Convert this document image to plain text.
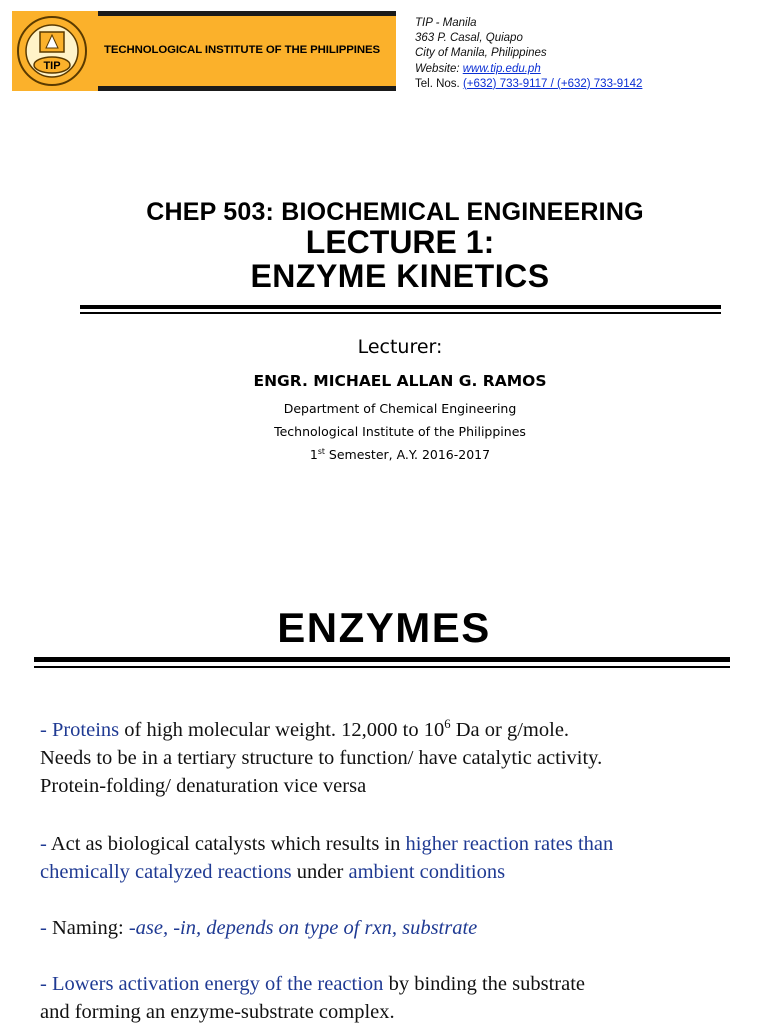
TIP
TECHNOLOGICAL INSTITUTE OF THE PHILIPPINES
TIP - Manila
363 P. Casal, Quiapo
City of Manila, Philippines
Website: www.tip.edu.ph
Tel. Nos. (+632) 733-9117 / (+632) 733-9142
CHEP 503: BIOCHEMICAL ENGINEERING
LECTURE 1:
ENZYME KINETICS
Lecturer:
ENGR. MICHAEL ALLAN G. RAMOS
Department of Chemical Engineering
Technological Institute of the Philippines
1st Semester, A.Y. 2016-2017
ENZYMES
- Proteins of high molecular weight. 12,000 to $10^6$ Da or g/mole.
Needs to be in a tertiary structure to function/ have catalytic activity.
Protein-folding/ denaturation vice versa
- Act as biological catalysts which results in higher reaction rates than
chemically catalyzed reactions under ambient conditions
- Naming: -ase, -in, depends on type of rxn, substrate
- Lowers activation energy of the reaction by binding the substrate
and forming an enzyme-substrate complex.
